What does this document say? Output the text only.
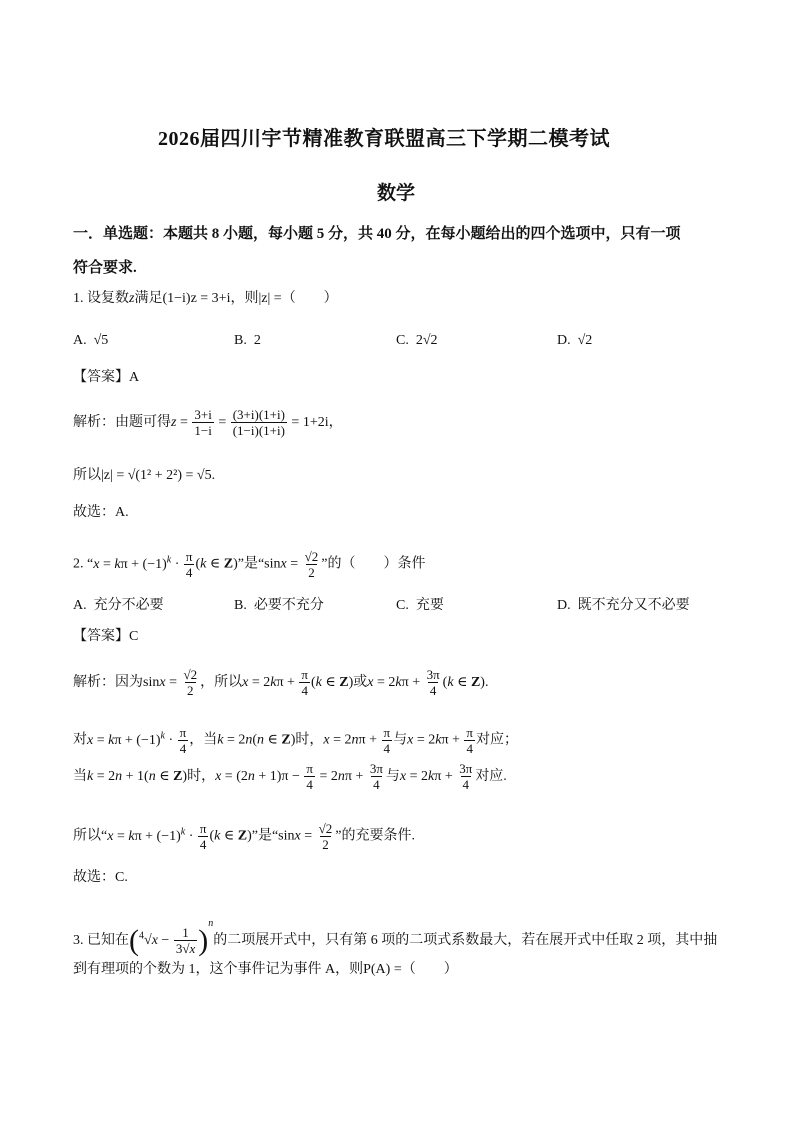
2026届四川宇节精准教育联盟高三下学期二模考试
数学
一．单选题：本题共 8 小题，每小题 5 分，共 40 分，在每小题给出的四个选项中，只有一项
符合要求.
1. 设复数z满足(1−i)z = 3+i，则|z| =（　　）
A. √5	B. 2	C. 2√2	D. √2
【答案】A
解析：由题可得$z = \frac{3+i}{1-i} = \frac{(3+i)(1+i)}{(1-i)(1+i)} = 1+2i$，
所以|z| = √(1² + 2²) = √5.
故选：A.
2. “$x = k\pi + (-1)^k \cdot \frac{\pi}{4} (k$ ∈ Z)”是“$\sin x = \frac{√2}{2}$ ”的（　　）条件
A. 充分不必要	B. 必要不充分	C. 充要	D. 既不充分又不必要
【答案】C
解析：因为$\sin x = \frac{√2}{2}$ ，所以$x = 2k\pi + \frac{\pi}{4} (k$ ∈ Z)或$x = 2k\pi + \frac{3\pi}{4} (k$ ∈ Z).
对$x = k\pi + (-1)^k \cdot \frac{\pi}{4}$ ，当k = 2n(n ∈ Z)时，$x = 2n\pi + \frac{\pi}{4}$ 与$x = 2k\pi + \frac{\pi}{4}$ 对应；
当k = 2n + 1(n ∈ Z)时，$x = (2n + 1)\pi - \frac{\pi}{4} = 2n\pi + \frac{3\pi}{4}$ 与$x = 2k\pi + \frac{3\pi}{4}$ 对应.
所以“$x = k\pi + (-1)^k \cdot \frac{\pi}{4} (k$ ∈ Z)”是“$\sin x = \frac{√2}{2}$ ”的充要条件.
故选：C.
3. 已知在$(^4√x - \frac{1}{3√x} )^n$的二项展开式中，只有第 6 项的二项式系数最大，若在展开式中任取 2 项，其中抽
到有理项的个数为 1，这个事件记为事件 A，则P(A) =（　　）
